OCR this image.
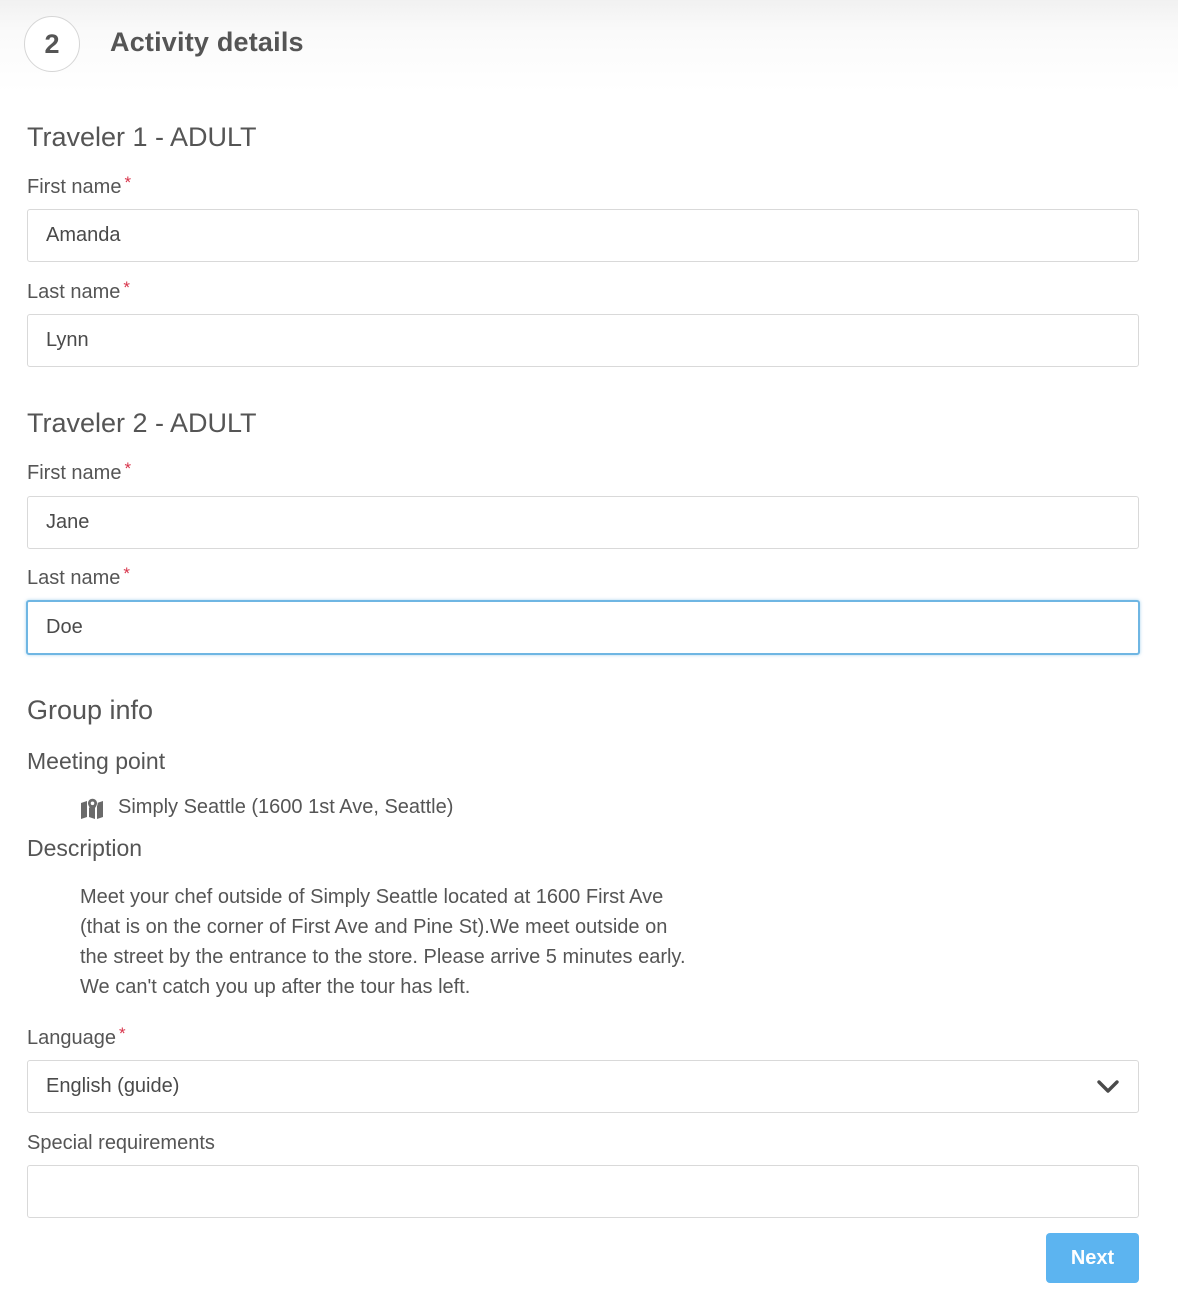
2	Activity details
Traveler 1 - ADULT
First name *
Amanda
Last name *
Lynn
Traveler 2 - ADULT
First name *
Jane
Last name *
Doe
Group info
Meeting point
Simply Seattle (1600 1st Ave, Seattle)
Description
Meet your chef outside of Simply Seattle located at 1600 First Ave (that is on the corner of First Ave and Pine St).We meet outside on the street by the entrance to the store. Please arrive 5 minutes early. We can't catch you up after the tour has left.
Language *
English (guide)
Special requirements
Next
